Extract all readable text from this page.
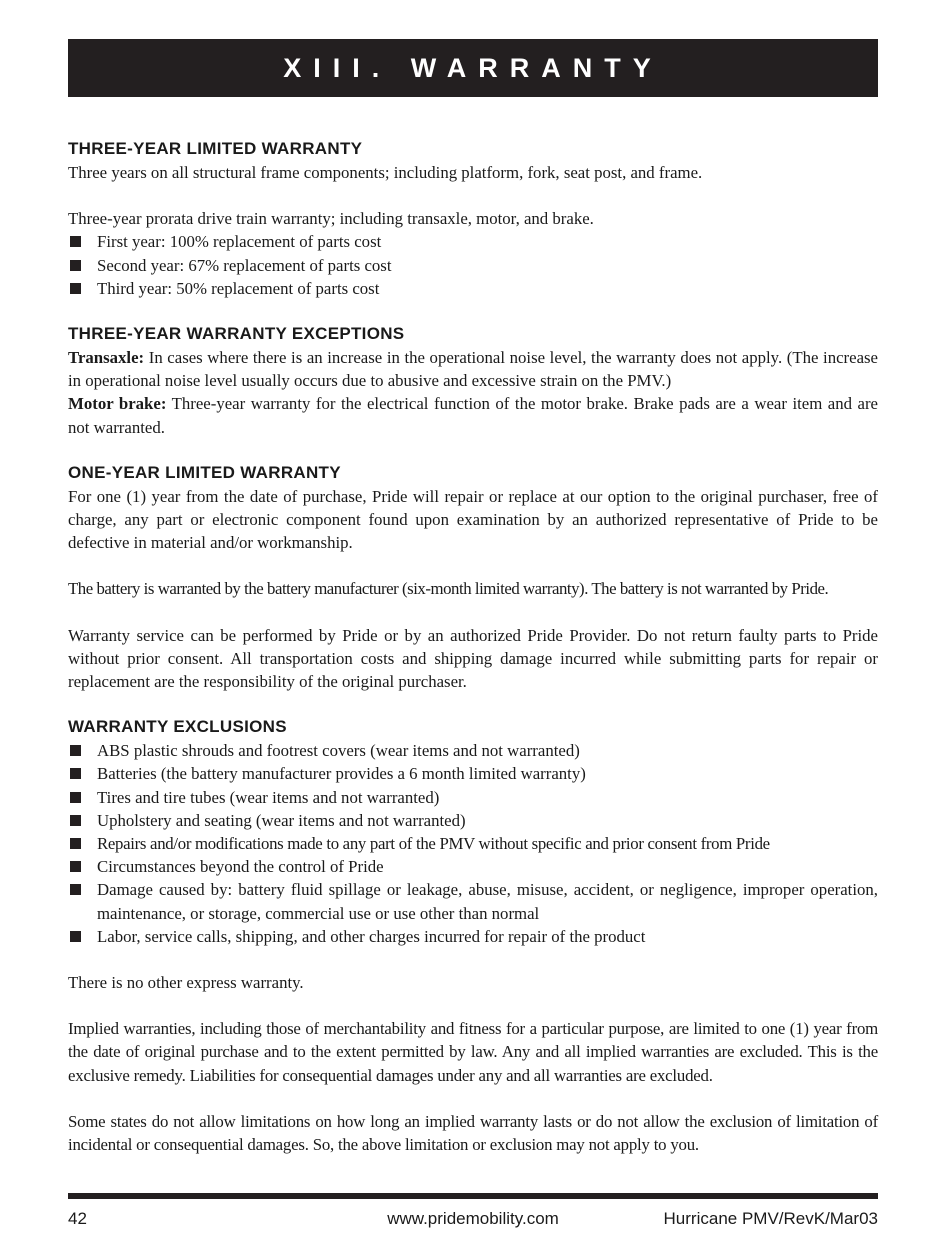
XIII. WARRANTY
THREE-YEAR LIMITED WARRANTY

Three years on all structural frame components; including platform, fork, seat post, and frame.

Three-year prorata drive train warranty; including transaxle, motor, and brake.

First year: 100% replacement of parts cost
Second year: 67% replacement of parts cost
Third year: 50% replacement of parts cost
THREE-YEAR WARRANTY EXCEPTIONS

Transaxle: In cases where there is an increase in the operational noise level, the warranty does not apply. (The increase in operational noise level usually occurs due to abusive and excessive strain on the PMV.)

Motor brake: Three-year warranty for the electrical function of the motor brake. Brake pads are a wear item and are not warranted.

ONE-YEAR LIMITED WARRANTY

For one (1) year from the date of purchase, Pride will repair or replace at our option to the original purchaser, free of charge, any part or electronic component found upon examination by an authorized representative of Pride to be defective in material and/or workmanship.

The battery is warranted by the battery manufacturer (six-month limited warranty). The battery is not warranted by Pride.

Warranty service can be performed by Pride or by an authorized Pride Provider. Do not return faulty parts to Pride without prior consent. All transportation costs and shipping damage incurred while submitting parts for repair or replacement are the responsibility of the original purchaser.

WARRANTY EXCLUSIONS
ABS plastic shrouds and footrest covers (wear items and not warranted)
Batteries (the battery manufacturer provides a 6 month limited warranty)
Tires and tire tubes (wear items and not warranted)
Upholstery and seating (wear items and not warranted)
Repairs and/or modifications made to any part of the PMV without specific and prior consent from Pride
Circumstances beyond the control of Pride
Damage caused by: battery fluid spillage or leakage, abuse, misuse, accident, or negligence, improper operation, maintenance, or storage, commercial use or use other than normal
Labor, service calls, shipping, and other charges incurred for repair of the product

There is no other express warranty.

Implied warranties, including those of merchantability and fitness for a particular purpose, are limited to one (1) year from the date of original purchase and to the extent permitted by law. Any and all implied warranties are excluded. This is the exclusive remedy. Liabilities for consequential damages under any and all warranties are excluded.

Some states do not allow limitations on how long an implied warranty lasts or do not allow the exclusion of limitation of incidental or consequential damages. So, the above limitation or exclusion may not apply to you.

42	www.pridemobility.com	Hurricane PMV/RevK/Mar03
